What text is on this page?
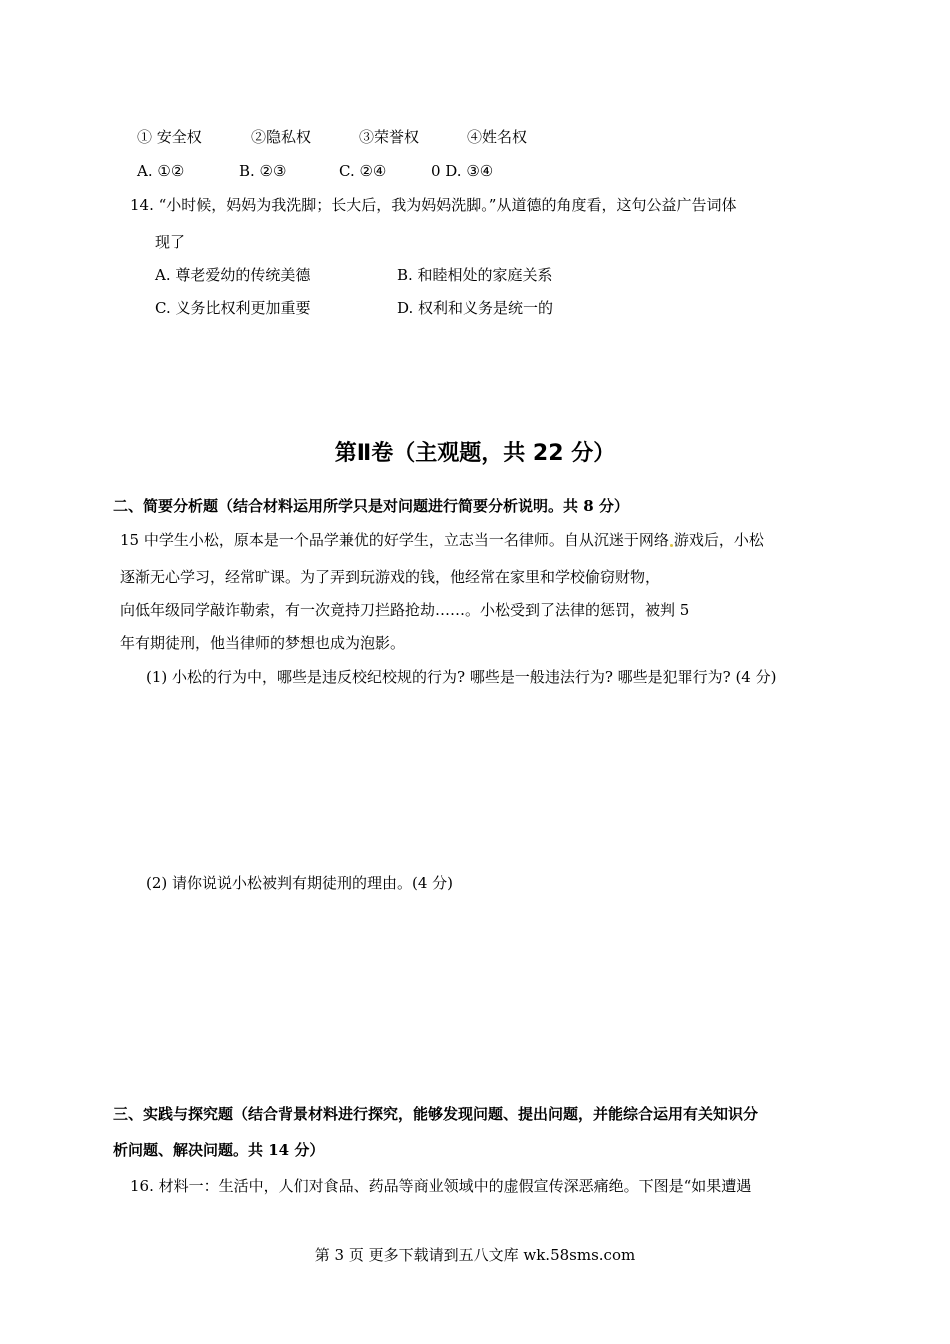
① 安全权	②隐私权	③荣誉权	④姓名权
A. ①②	B. ②③	C. ②④	0 D. ③④
14. “小时候，妈妈为我洗脚；长大后，我为妈妈洗脚。”从道德的角度看，这句公益广告词体
现了
A. 尊老爱幼的传统美德	B. 和睦相处的家庭关系
C. 义务比权利更加重要	D. 权利和义务是统一的
第Ⅱ卷（主观题，共 22 分）
二、简要分析题（结合材料运用所学只是对问题进行简要分析说明。共 8 分）
15 中学生小松，原本是一个品学兼优的好学生，立志当一名律师。自从沉迷于网络 游戏后，小松
逐渐无心学习，经常旷课。为了弄到玩游戏的钱，他经常在家里和学校偷窃财物，
向低年级同学敲诈勒索，有一次竟持刀拦路抢劫……。小松受到了法律的惩罚，被判 5
年有期徒刑，他当律师的梦想也成为泡影。
(1) 小松的行为中，哪些是违反校纪校规的行为? 哪些是一般违法行为? 哪些是犯罪行为? (4 分)
(2) 请你说说小松被判有期徒刑的理由。(4 分)
三、实践与探究题（结合背景材料进行探究，能够发现问题、提出问题，并能综合运用有关知识分
析问题、解决问题。共 14 分）
16. 材料一：生活中，人们对食品、药品等商业领域中的虚假宣传深恶痛绝。下图是“如果遭遇
第 3 页 更多下载请到五八文库 wk.58sms.com
